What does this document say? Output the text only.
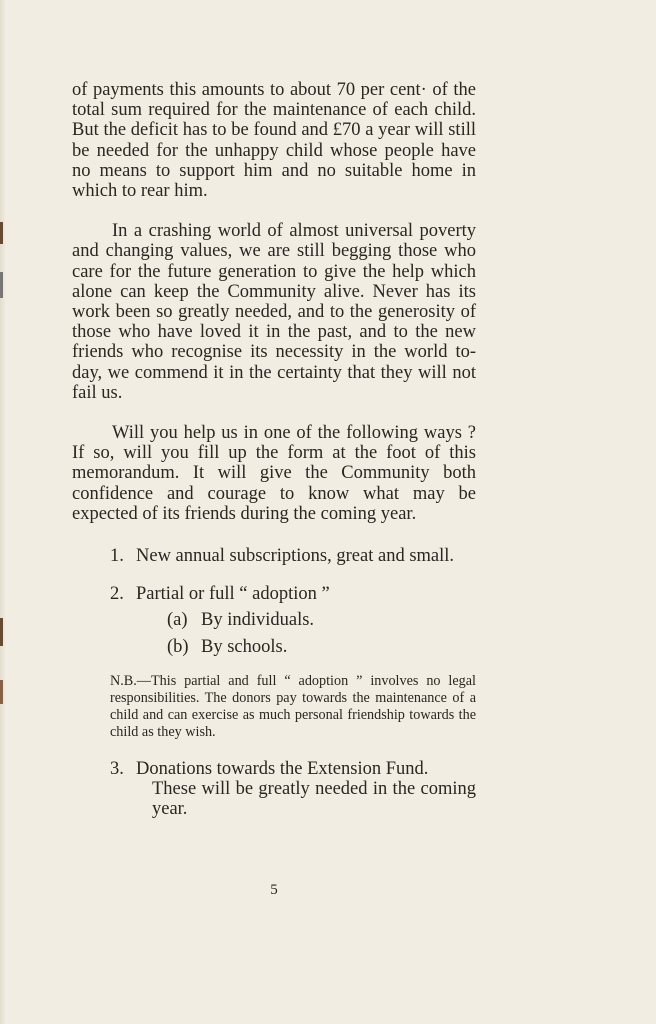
of payments this amounts to about 70 per cent· of the total sum required for the maintenance of each child. But the deficit has to be found and £70 a year will still be needed for the unhappy child whose people have no means to support him and no suitable home in which to rear him.

In a crashing world of almost universal poverty and changing values, we are still begging those who care for the future generation to give the help which alone can keep the Community alive. Never has its work been so greatly needed, and to the generosity of those who have loved it in the past, and to the new friends who recognise its necessity in the world to-day, we commend it in the certainty that they will not fail us.

Will you help us in one of the following ways ? If so, will you fill up the form at the foot of this memorandum. It will give the Community both confidence and courage to know what may be expected of its friends during the coming year.

1. New annual subscriptions, great and small.
2. Partial or full “ adoption ”
(a) By individuals.
(b) By schools.

N.B.—This partial and full “ adoption ” involves no legal responsibilities. The donors pay towards the maintenance of a child and can exercise as much personal friendship towards the child as they wish.

3. Donations towards the Extension Fund.
These will be greatly needed in the coming year.
5
